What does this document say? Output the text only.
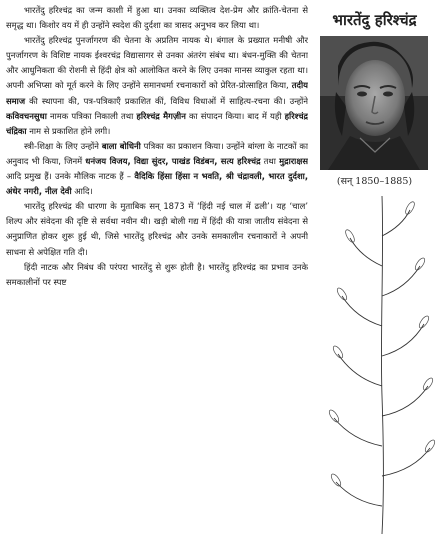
भारतेंदु हरिश्चंद्र का जन्म काशी में हुआ था। उनका व्यक्तित्व देश-प्रेम और क्रांति-चेतना से समृद्ध था। किशोर वय में ही उन्होंने स्वदेश की दुर्दशा का त्रासद अनुभव कर लिया था।

भारतेंदु हरिश्चंद्र पुनर्जागरण की चेतना के अप्रतिम नायक थे। बंगाल के प्रख्यात मनीषी और पुनर्जागरण के विशिष्ट नायक ईश्वरचंद्र विद्यासागर से उनका अंतरंग संबंध था। बंधन-मुक्ति की चेतना और आधुनिकता की रोशनी से हिंदी क्षेत्र को आलोकित करने के लिए उनका मानस व्याकुल रहता था। अपनी अभिप्सा को मूर्त करने के लिए उन्होंने समानधर्मा रचनाकारों को प्रेरित-प्रोत्साहित किया, तदीय समाज की स्थापना की, पत्र-पत्रिकाएँ प्रकाशित कीं, विविध विधाओं में साहित्य-रचना की। उन्होंने कविवचनसुधा नामक पत्रिका निकाली तथा हरिश्चंद्र मैगज़ीन का संपादन किया। बाद में यही हरिश्चंद्र चंद्रिका नाम से प्रकाशित होने लगी।

स्त्री-शिक्षा के लिए उन्होंने बाला बोधिनी पत्रिका का प्रकाशन किया। उन्होंने बांग्ला के नाटकों का अनुवाद भी किया, जिनमें धनंजय विजय, विद्या सुंदर, पाखंड विडंबन, सत्य हरिश्चंद्र तथा मुद्राराक्षस आदि प्रमुख हैं। उनके मौलिक नाटक हैं – वैदिकि हिंसा हिंसा न भवति, श्री चंद्रावली, भारत दुर्दशा, अंधेर नगरी, नील देवी आदि।

भारतेंदु हरिश्चंद्र की धारणा के मुताबिक सन् 1873 में ‘हिंदी नई चाल में ढली’। यह ‘चाल’ शिल्प और संवेदना की दृष्टि से सर्वथा नवीन थी। खड़ी बोली गद्य में हिंदी की यात्रा जातीय संवेदना से अनुप्राणित होकर शुरू हुई थी, जिसे भारतेंदु हरिश्चंद्र और उनके समकालीन रचनाकारों ने अपनी साधना से अपेक्षित गति दी।

हिंदी नाटक और निबंध की परंपरा भारतेंदु से शुरू होती है। भारतेंदु हरिश्चंद्र का प्रभाव उनके समकालीनों पर स्पष्ट

भारतेंदु हरिश्चंद्र
(सन् 1850–1885)
